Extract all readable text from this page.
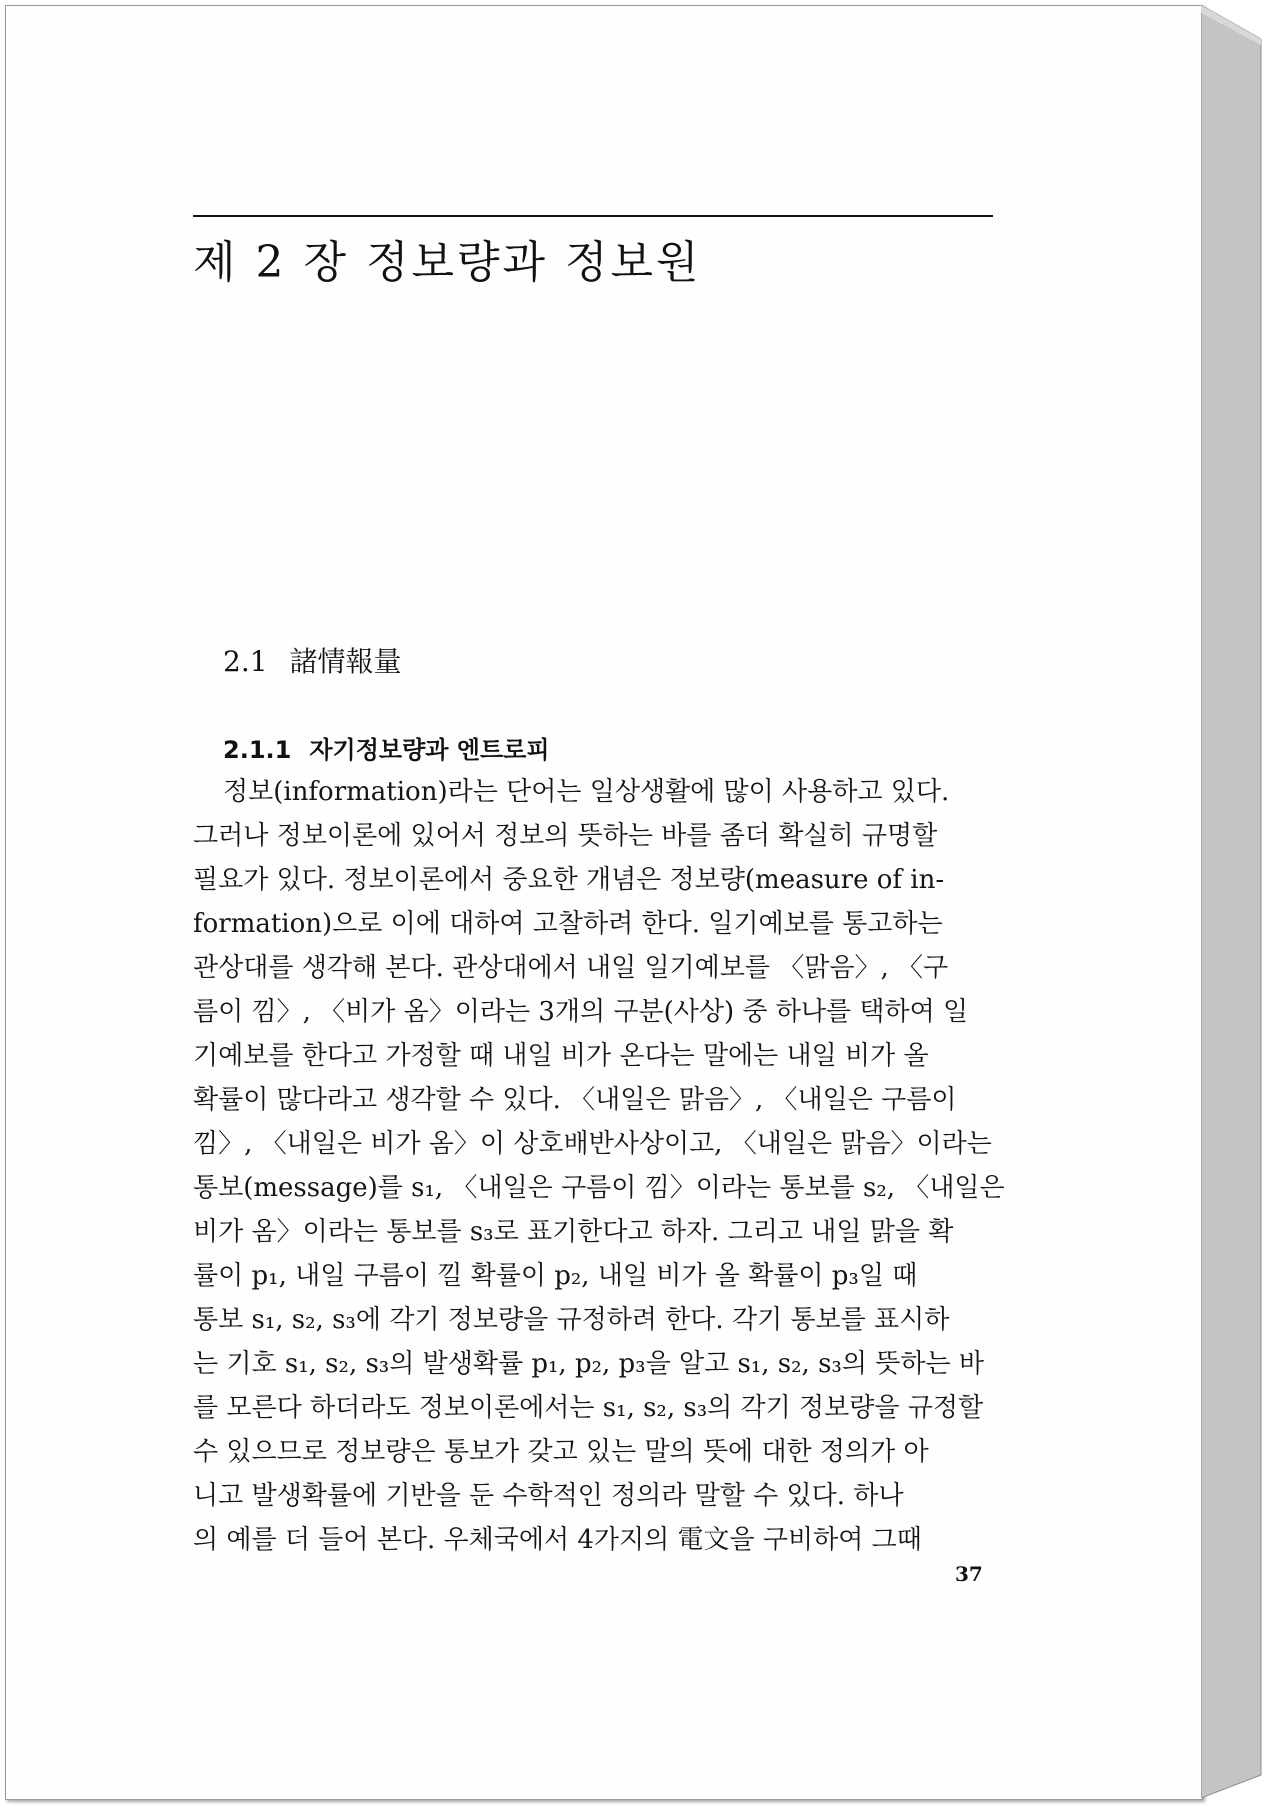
제 2 장 정보량과 정보원
2.1 諸情報量
2.1.1 자기정보량과 엔트로피
정보(information)라는 단어는 일상생활에 많이 사용하고 있다.
그러나 정보이론에 있어서 정보의 뜻하는 바를 좀더 확실히 규명할
필요가 있다. 정보이론에서 중요한 개념은 정보량(measure of in-
formation)으로 이에 대하여 고찰하려 한다. 일기예보를 통고하는
관상대를 생각해 본다. 관상대에서 내일 일기예보를 〈맑음〉, 〈구
름이 낌〉, 〈비가 옴〉이라는 3개의 구분(사상) 중 하나를 택하여 일
기예보를 한다고 가정할 때 내일 비가 온다는 말에는 내일 비가 올
확률이 많다라고 생각할 수 있다. 〈내일은 맑음〉, 〈내일은 구름이
낌〉, 〈내일은 비가 옴〉이 상호배반사상이고, 〈내일은 맑음〉이라는
통보(message)를 s₁, 〈내일은 구름이 낌〉이라는 통보를 s₂, 〈내일은
비가 옴〉이라는 통보를 s₃로 표기한다고 하자. 그리고 내일 맑을 확
률이 p₁, 내일 구름이 낄 확률이 p₂, 내일 비가 올 확률이 p₃일 때
통보 s₁, s₂, s₃에 각기 정보량을 규정하려 한다. 각기 통보를 표시하
는 기호 s₁, s₂, s₃의 발생확률 p₁, p₂, p₃을 알고 s₁, s₂, s₃의 뜻하는 바
를 모른다 하더라도 정보이론에서는 s₁, s₂, s₃의 각기 정보량을 규정할
수 있으므로 정보량은 통보가 갖고 있는 말의 뜻에 대한 정의가 아
니고 발생확률에 기반을 둔 수학적인 정의라 말할 수 있다. 하나
의 예를 더 들어 본다. 우체국에서 4가지의 電文을 구비하여 그때
37
